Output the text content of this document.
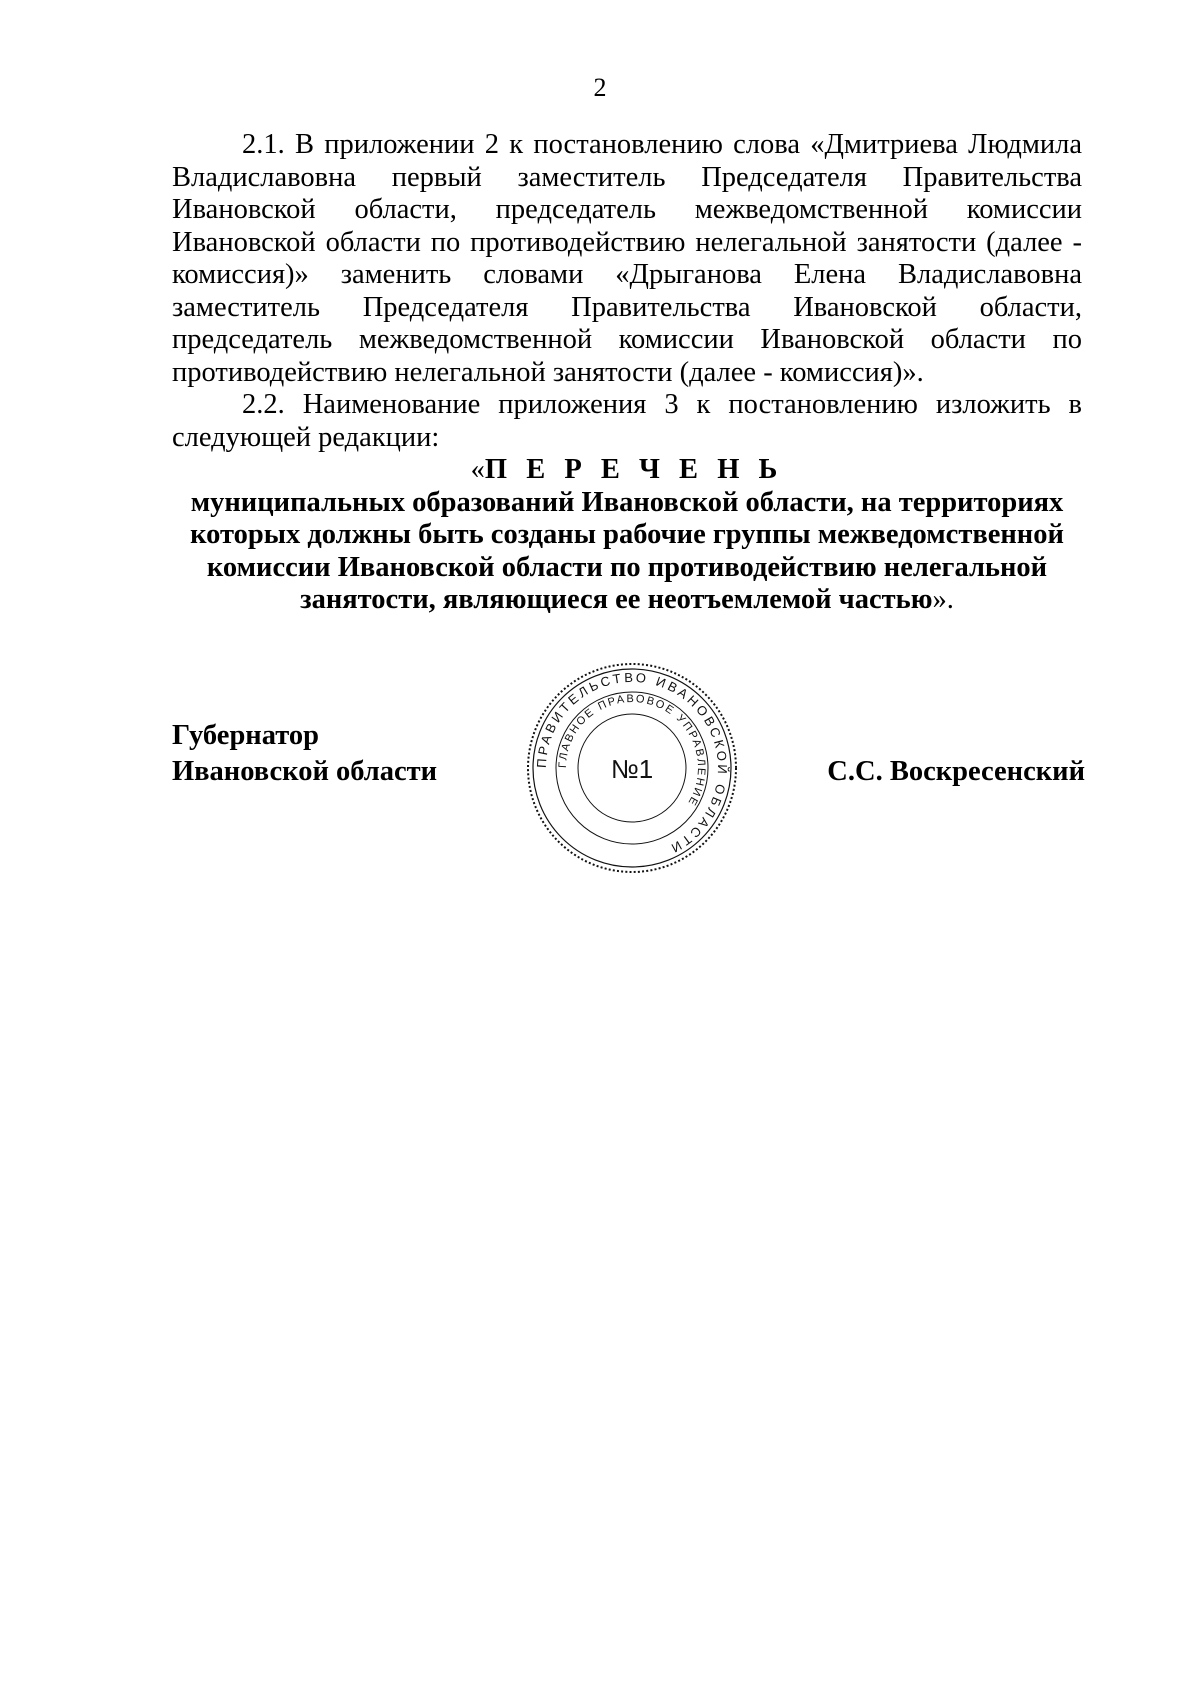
2

2.1. В приложении 2 к постановлению слова «Дмитриева Людмила Владиславовна первый заместитель Председателя Правительства Ивановской области, председатель межведомственной комиссии Ивановской области по противодействию нелегальной занятости (далее - комиссия)» заменить словами «Дрыганова Елена Владиславовна заместитель Председателя Правительства Ивановской области, председатель межведомственной комиссии Ивановской области по противодействию нелегальной занятости (далее - комиссия)».

2.2. Наименование приложения 3 к постановлению изложить в следующей редакции:

«П Е Р Е Ч Е Н Ь
муниципальных образований Ивановской области, на территориях
которых должны быть созданы рабочие группы межведомственной
комиссии Ивановской области по противодействию нелегальной
занятости, являющиеся ее неотъемлемой частью».
Губернатор
Ивановской области	С.С. Воскресенский
ПРАВИТЕЛЬСТВО ИВАНОВСКОЙ ОБЛАСТИ
ГЛАВНОЕ ПРАВОВОЕ УПРАВЛЕНИЕ
№1
